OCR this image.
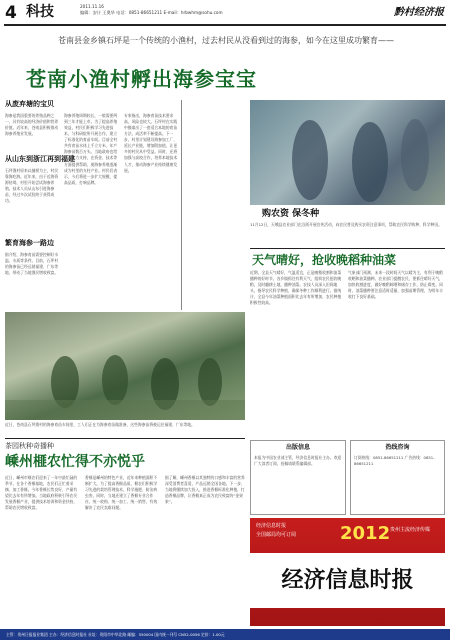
4 科技	2011.11.16
编辑：安计 王奥华 电话：0851-86651211 E-mail：hrbwhm@sohu.com	黔村经济报
苍南县金乡镇石坪是一个传统的小渔村，过去村民从没看到过的海参，如今在这里成功繁育——
苍南小渔村孵出海参宝宝
从废弃塘的宝贝
海参是我国重要的养殖品种之一，具有较高的经济价值和营养价值。近年来，苍南县积极推动海参养殖业发展。
从山东到浙江再到福建
石坪渔村原来以捕捞为主，村民靠海吃海。近年来，由于近海资源枯竭，村里开始尝试海参养殖。技术人员从山东引进海参苗，经过多次试验终于获得成功。
繁育海参一路边
据介绍，海参育苗需要控制好水温、水质等条件。目前，石坪村的海参苗已经远销福建、广东等地，带动了当地渔民增收致富。
海参养殖周期较长，一般需要两到三年才能上市。为了提高养殖效益，村民们积极学习先进技术，与科研院所开展合作，建立了标准化的育苗车间。目前全村共有育苗水体上千立方米，年产海参苗数百万头。当地政府也给予了大力支持，在资金、技术等方面提供帮助，使海参养殖逐渐成为村里的支柱产业。村民们表示，今后将进一步扩大规模，提高品质，打响品牌。
专家指出，海参育苗技术要求高，风险也较大。石坪村在实践中摸索出了一套适合本地的育苗方法，成活率不断提高。下一步，村里计划建设海参加工厂，延长产业链，增加附加值，让更多的村民从中受益。同时，还将加强与高校合作，培养本地技术人才，推动海参产业持续健康发展。
近日，苍南县石坪渔村的海参育苗车间里，工人们正在为海参育苗做准备，这些海参苗将被运往福建、广东等地。
购农资 保冬种
11月12日，天峨县农业部门在沿街开展宣传活动，向农民普及购买农资注意事项，帮助农民科学购种、科学种田。
天气晴好，抢收晚稻种油菜
近期，全县天气晴好，气温适宜，正是晚稻收割和油菜播种的好时节。各乡镇抓住有利天气，组织农民抢收晚稻，及时翻耕土地，播种油菜。农技人员深入田间地头，指导农民科学种植，确保冬种工作顺利进行。据统计，全县今年油菜种植面积比去年有所增加，农民种植积极性较高。
气象部门预测，未来一段时间天气以晴为主，有利于晚稻收晒和油菜播种。农业部门提醒农民，要抓住晴好天气，加快收割进度，做好晚稻晾晒和储存工作，防止霉变。同时，油菜播种要注意适时适量，加强苗期管理，为明年丰收打下良好基础。
出版信息
本报为中国农业部主管，经济信息时报社主办。欢迎广大读者订阅，投稿请联系编辑部。
热线咨询
订阅热线：0851-86651211 广告热线：0851-86651211
经济信息时报
全国邮局均可订阅 2012 贵州主流经济传媒
经济信息时报
茶园秋种奇播种
嵊州榧农忙得不亦悦乎
近日，嵊州市榧农们迎来了一年中最忙碌的季节。在各个香榧基地，农民们正忙着采摘、加工香榧。今年香榧长势良好，产量有望比去年有所增加。当地政府积极引导农民发展香榧产业，提供技术培训和资金扶持，帮助农民增收致富。
香榧是嵊州的特色产业，近年来种植面积不断扩大。为了提高香榧品质，榧农们积极学习先进的栽培管理技术，科学施肥、防治病虫害。同时，当地还建立了香榧专业合作社，统一收购、统一加工、统一销售，有效解决了农民卖难问题。
据了解，嵊州香榧以其独特的口感和丰富的营养深受消费者喜爱，产品远销全国各地。下一步，当地将继续加大投入，推进香榧标准化种植，打造香榧品牌，让香榧真正成为农民致富的“金果果”。
主管：贵州日报报业集团 主办：经济信息时报社 社址：贵阳市中华北路 邮编：550004 国内统一刊号 CN52-0056 定价：1.00元
